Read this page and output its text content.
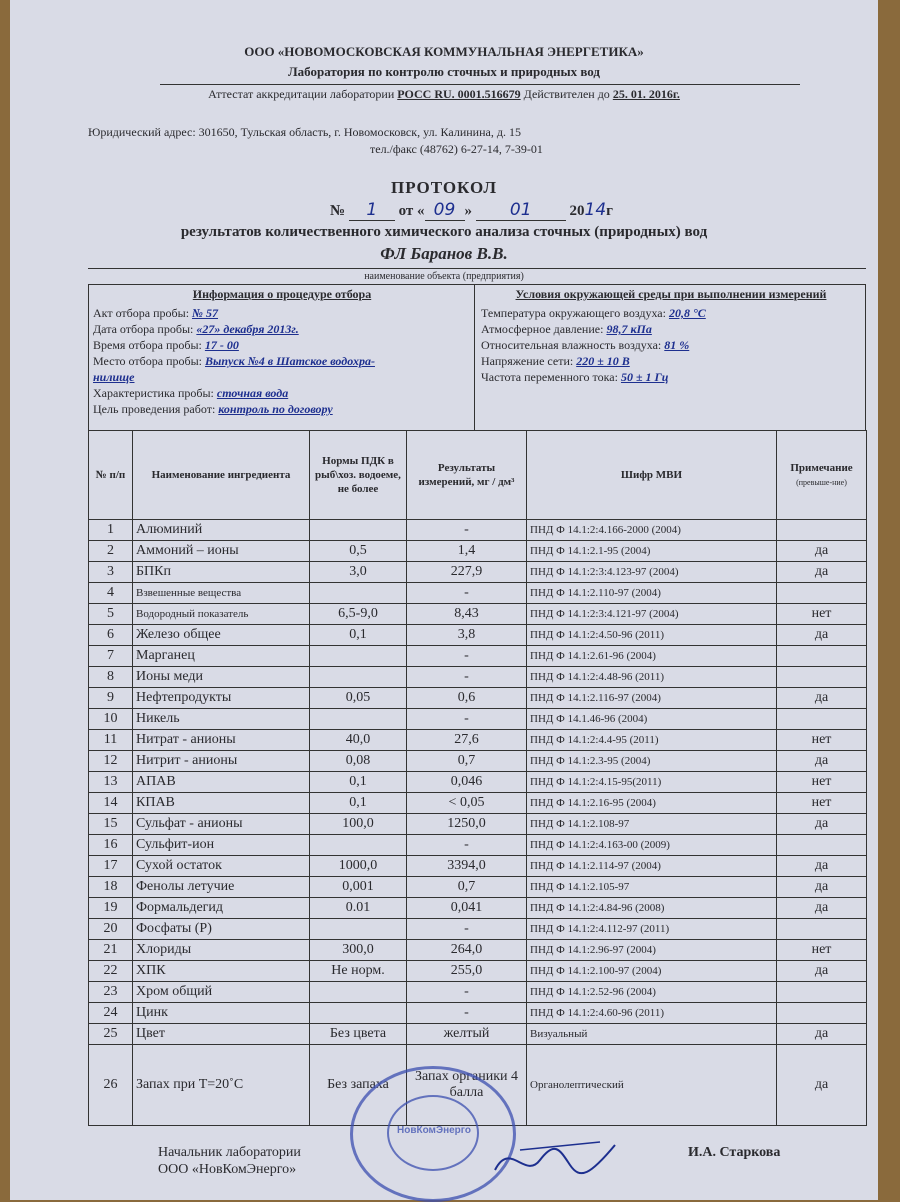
ООО «НОВОМОСКОВСКАЯ КОММУНАЛЬНАЯ ЭНЕРГЕТИКА»
Лаборатория по контролю сточных и природных вод
Аттестат аккредитации лаборатории РОСС RU. 0001.516679 Действителен до 25. 01. 2016г.
Юридический адрес: 301650, Тульская область, г. Новомосковск, ул. Калинина, д. 15
тел./факс (48762) 6-27-14, 7-39-01
ПРОТОКОЛ
№ 1 от « 09 » 01	2014г
результатов количественного химического анализа сточных (природных) вод
ФЛ Баранов В.В.
наименование объекта (предприятия)
Информация о процедуре отбора
Акт отбора пробы: № 57
Дата отбора пробы: «27» декабря 2013г.
Время отбора пробы: 17 - 00
Место отбора пробы: Выпуск №4 в Шатское водохра-
нилище
Характеристика пробы: сточная вода
Цель проведения работ: контроль по договору
Условия окружающей среды при выполнении измерений
Температура окружающего воздуха: 20,8 °С
Атмосферное давление: 98,7 кПа
Относительная влажность воздуха: 81 %
Напряжение сети: 220 ± 10 В
Частота переменного тока: 50 ± 1 Гц
№ п/п	Наименование ингредиента	Нормы ПДК в рыб\хоз. водоеме, не более	Результаты измерений, мг / дм³	Шифр МВИ	Примечание
(превыше-ние)
1	Алюминий		-	ПНД Ф 14.1:2:4.166-2000 (2004)	
2	Аммоний – ионы	0,5	1,4	ПНД Ф 14.1:2.1-95 (2004)	да
3	БПКп	3,0	227,9	ПНД Ф 14.1:2:3:4.123-97 (2004)	да
4	Взвешенные вещества		-	ПНД Ф 14.1:2.110-97 (2004)	
5	Водородный показатель	6,5-9,0	8,43	ПНД Ф 14.1:2:3:4.121-97 (2004)	нет
6	Железо общее	0,1	3,8	ПНД Ф 14.1:2:4.50-96 (2011)	да
7	Марганец		-	ПНД Ф 14.1:2.61-96 (2004)	
8	Ионы меди		-	ПНД Ф 14.1:2:4.48-96 (2011)	
9	Нефтепродукты	0,05	0,6	ПНД Ф 14.1:2.116-97 (2004)	да
10	Никель		-	ПНД Ф 14.1.46-96 (2004)	
11	Нитрат - анионы	40,0	27,6	ПНД Ф 14.1:2:4.4-95 (2011)	нет
12	Нитрит - анионы	0,08	0,7	ПНД Ф 14.1:2.3-95 (2004)	да
13	АПАВ	0,1	0,046	ПНД Ф 14.1:2:4.15-95(2011)	нет
14	КПАВ	0,1	< 0,05	ПНД Ф 14.1:2.16-95 (2004)	нет
15	Сульфат - анионы	100,0	1250,0	ПНД Ф 14.1:2.108-97	да
16	Сульфит-ион		-	ПНД Ф 14.1:2:4.163-00 (2009)	
17	Сухой остаток	1000,0	3394,0	ПНД Ф 14.1:2.114-97 (2004)	да
18	Фенолы летучие	0,001	0,7	ПНД Ф 14.1:2.105-97	да
19	Формальдегид	0.01	0,041	ПНД Ф 14.1:2:4.84-96 (2008)	да
20	Фосфаты (Р)		-	ПНД Ф 14.1:2:4.112-97 (2011)	
21	Хлориды	300,0	264,0	ПНД Ф 14.1:2.96-97 (2004)	нет
22	ХПК	Не норм.	255,0	ПНД Ф 14.1:2.100-97 (2004)	да
23	Хром общий		-	ПНД Ф 14.1:2.52-96 (2004)	
24	Цинк		-	ПНД Ф 14.1:2:4.60-96 (2011)	
25	Цвет	Без цвета	желтый	Визуальный	да
26	Запах при Т=20˚С	Без запаха	Запах органики 4 балла	Органолептический	да
НовКомЭнерго
Начальник лаборатории
ООО «НовКомЭнерго»
И.А. Старкова
